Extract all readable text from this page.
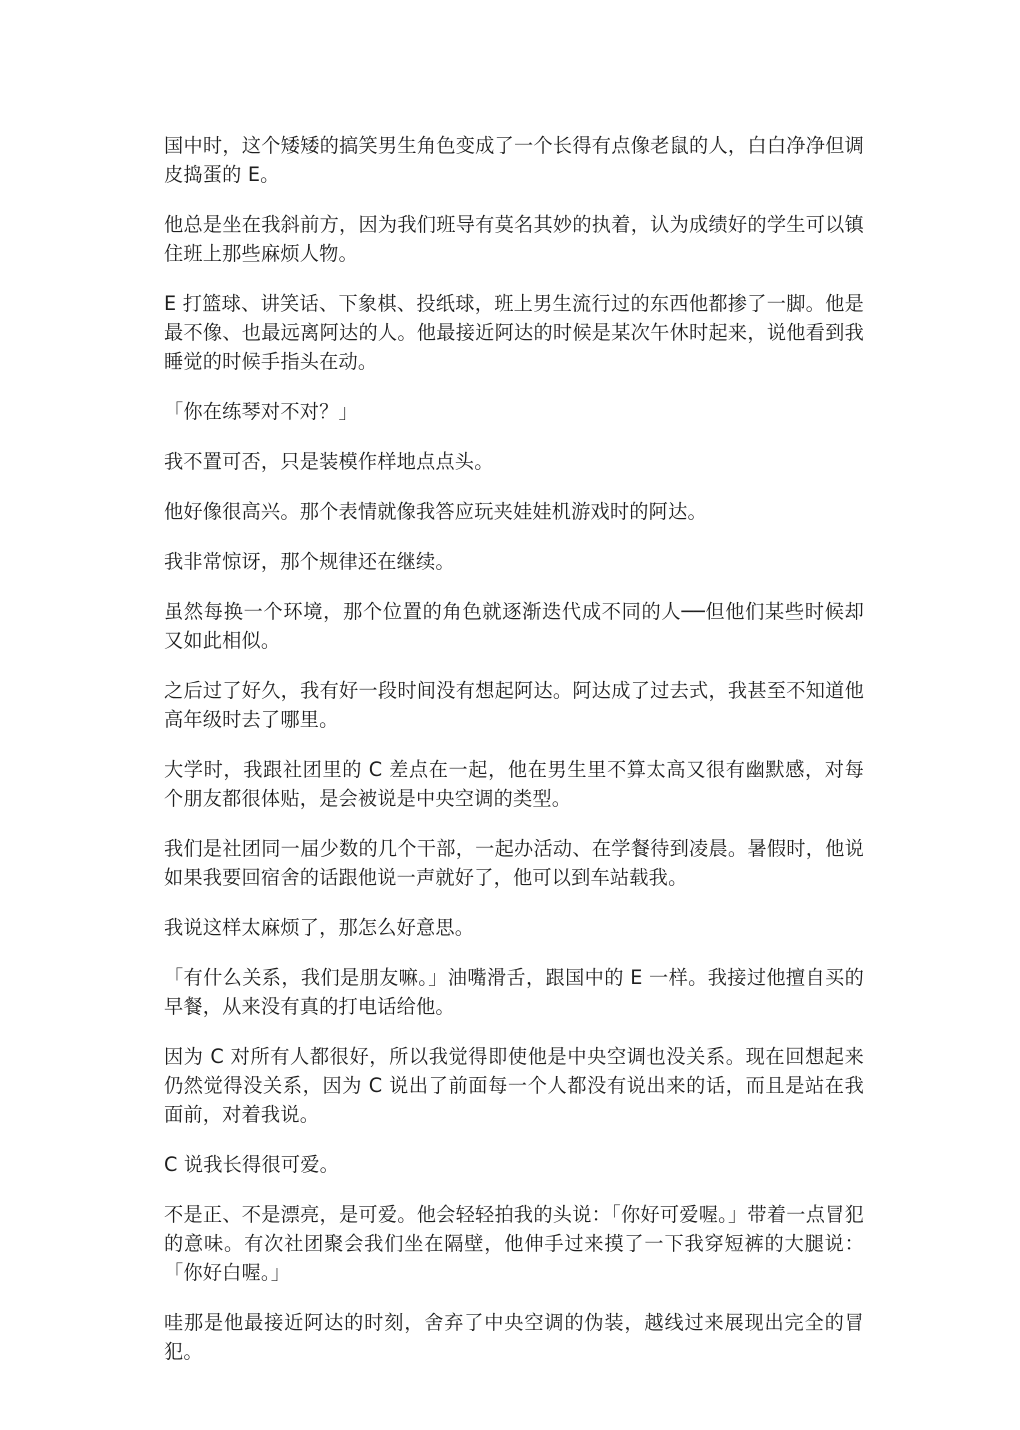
国中时，这个矮矮的搞笑男生角色变成了一个长得有点像老鼠的人，白白净净但调皮捣蛋的 E。

他总是坐在我斜前方，因为我们班导有莫名其妙的执着，认为成绩好的学生可以镇住班上那些麻烦人物。

E 打篮球、讲笑话、下象棋、投纸球，班上男生流行过的东西他都掺了一脚。他是最不像、也最远离阿达的人。他最接近阿达的时候是某次午休时起来，说他看到我睡觉的时候手指头在动。

「你在练琴对不对？」

我不置可否，只是装模作样地点点头。

他好像很高兴。那个表情就像我答应玩夹娃娃机游戏时的阿达。

我非常惊讶，那个规律还在继续。

虽然每换一个环境，那个位置的角色就逐渐迭代成不同的人──但他们某些时候却又如此相似。

之后过了好久，我有好一段时间没有想起阿达。阿达成了过去式，我甚至不知道他高年级时去了哪里。

大学时，我跟社团里的 C 差点在一起，他在男生里不算太高又很有幽默感，对每个朋友都很体贴，是会被说是中央空调的类型。

我们是社团同一届少数的几个干部，一起办活动、在学餐待到凌晨。暑假时，他说如果我要回宿舍的话跟他说一声就好了，他可以到车站载我。

我说这样太麻烦了，那怎么好意思。

「有什么关系，我们是朋友嘛。」油嘴滑舌，跟国中的 E 一样。我接过他擅自买的早餐，从来没有真的打电话给他。

因为 C 对所有人都很好，所以我觉得即使他是中央空调也没关系。现在回想起来仍然觉得没关系，因为 C 说出了前面每一个人都没有说出来的话，而且是站在我面前，对着我说。

C 说我长得很可爱。

不是正、不是漂亮，是可爱。他会轻轻拍我的头说：「你好可爱喔。」带着一点冒犯的意味。有次社团聚会我们坐在隔壁，他伸手过来摸了一下我穿短裤的大腿说：「你好白喔。」

哇那是他最接近阿达的时刻，舍弃了中央空调的伪装，越线过来展现出完全的冒犯。
